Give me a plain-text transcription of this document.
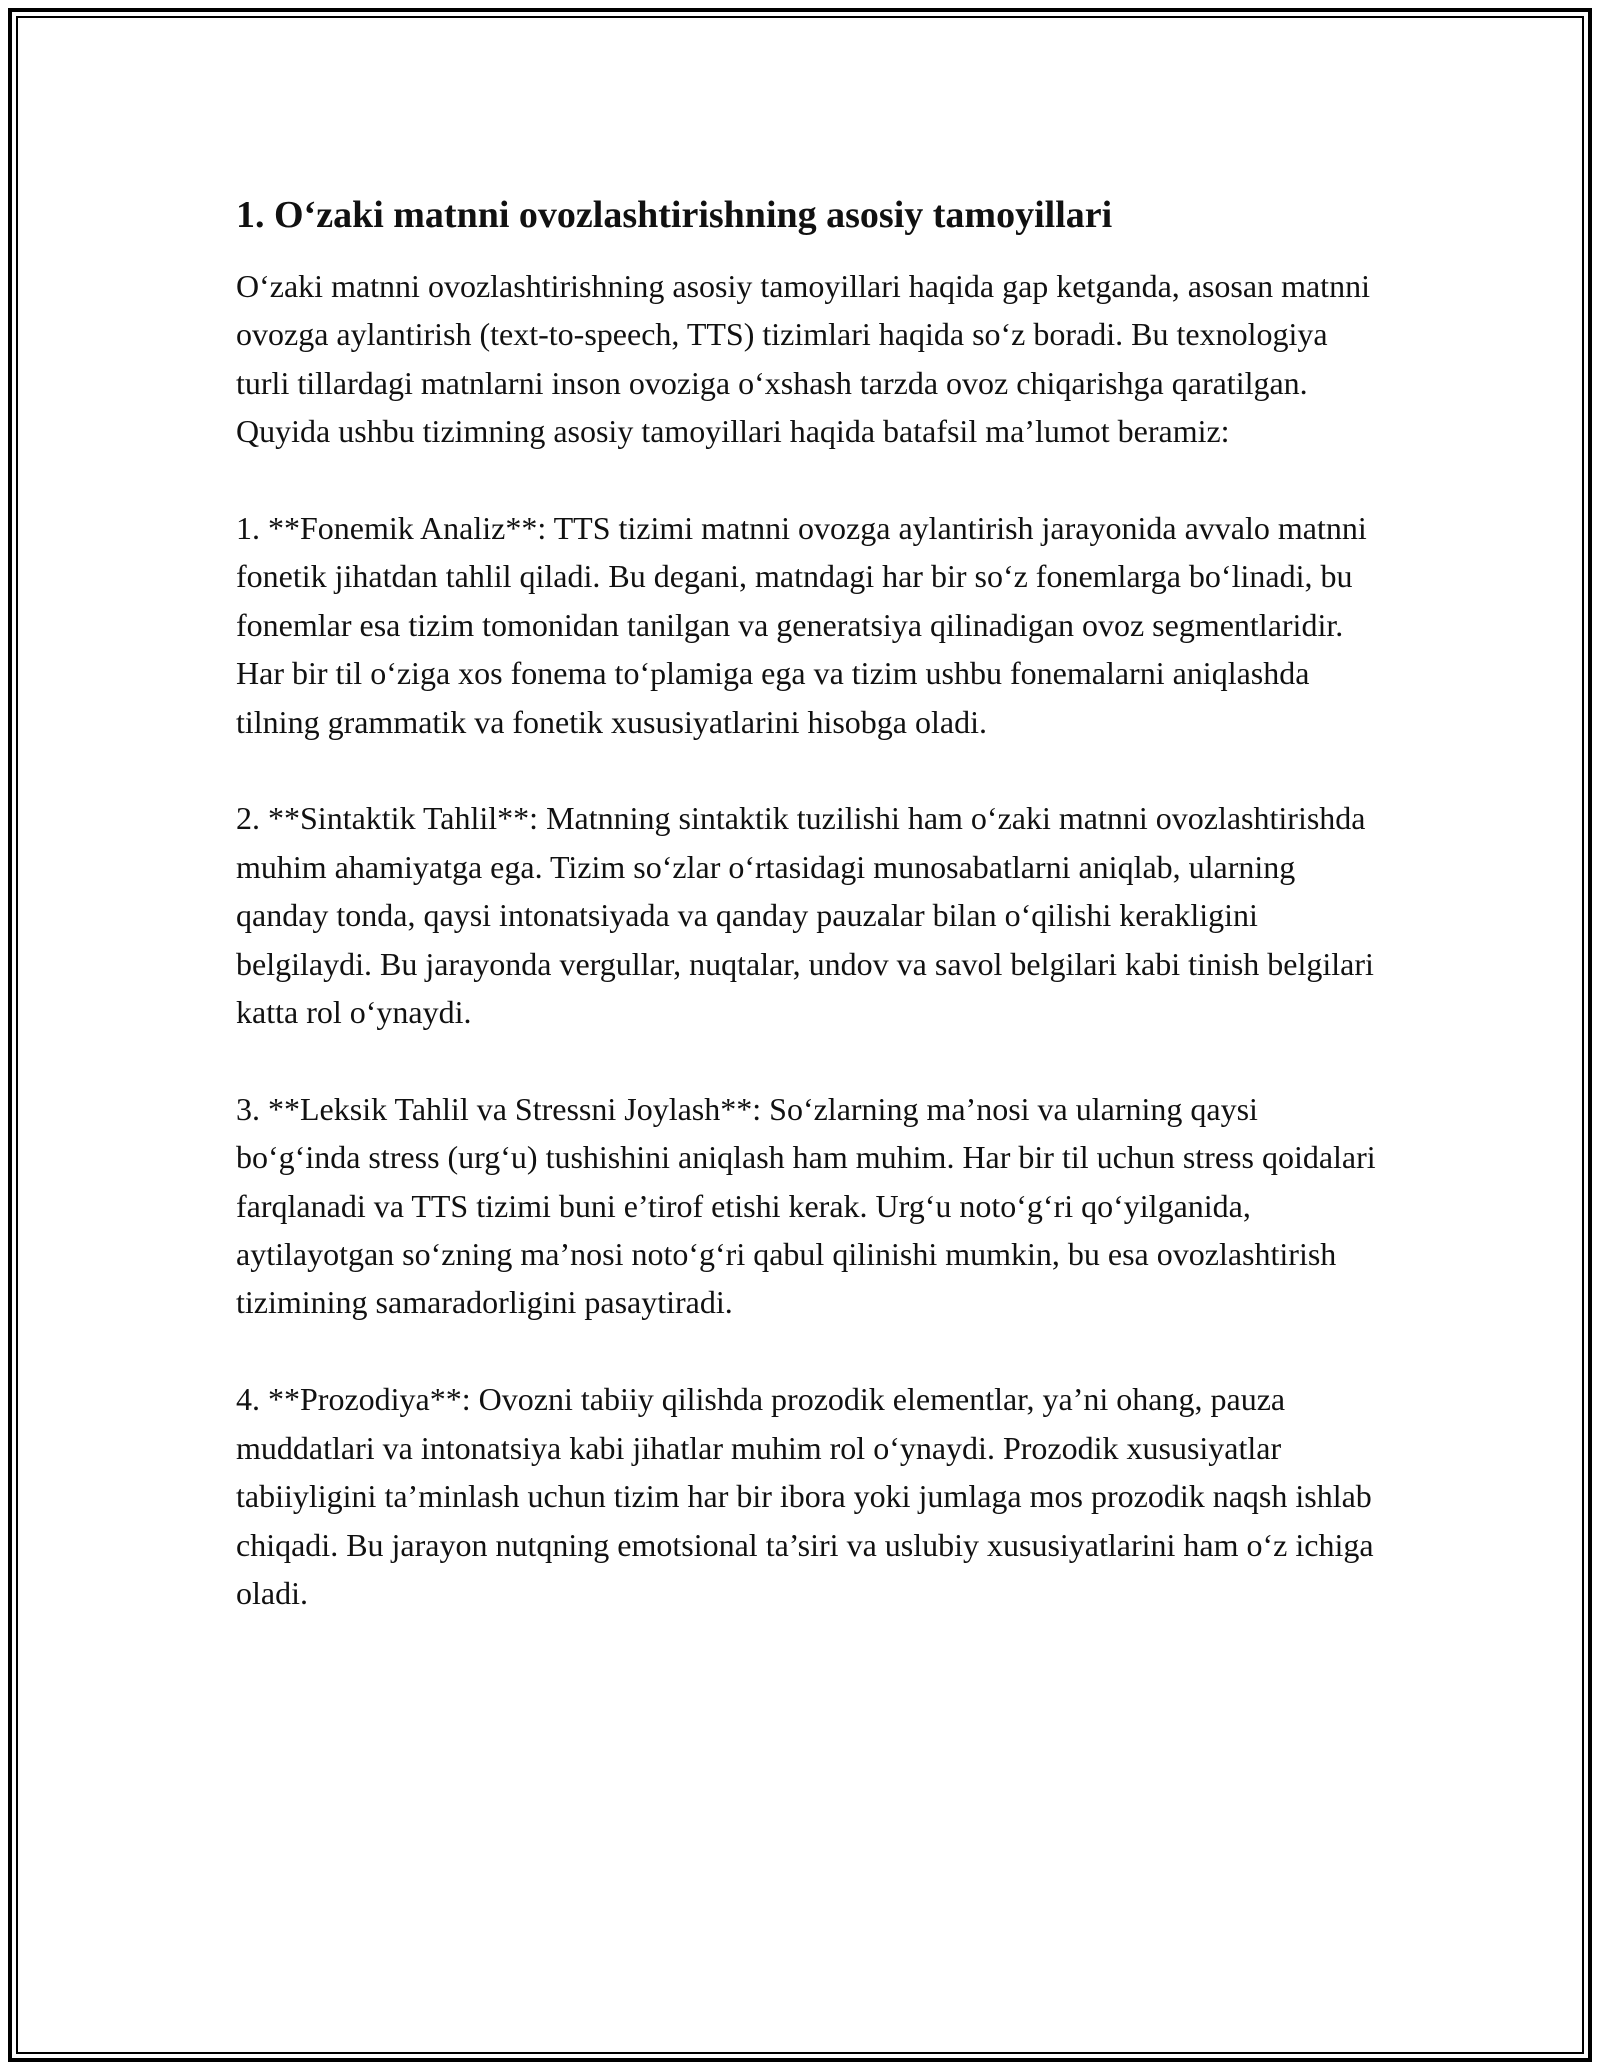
1. O‘zaki matnni ovozlashtirishning asosiy tamoyillari

O‘zaki matnni ovozlashtirishning asosiy tamoyillari haqida gap ketganda, asosan matnni ovozga aylantirish (text-to-speech, TTS) tizimlari haqida so‘z boradi. Bu texnologiya turli tillardagi matnlarni inson ovoziga o‘xshash tarzda ovoz chiqarishga qaratilgan. Quyida ushbu tizimning asosiy tamoyillari haqida batafsil ma’lumot beramiz:

1. **Fonemik Analiz**: TTS tizimi matnni ovozga aylantirish jarayonida avvalo matnni fonetik jihatdan tahlil qiladi. Bu degani, matndagi har bir so‘z fonemlarga bo‘linadi, bu fonemlar esa tizim tomonidan tanilgan va generatsiya qilinadigan ovoz segmentlaridir. Har bir til o‘ziga xos fonema to‘plamiga ega va tizim ushbu fonemalarni aniqlashda tilning grammatik va fonetik xususiyatlarini hisobga oladi.

2. **Sintaktik Tahlil**: Matnning sintaktik tuzilishi ham o‘zaki matnni ovozlashtirishda muhim ahamiyatga ega. Tizim so‘zlar o‘rtasidagi munosabatlarni aniqlab, ularning qanday tonda, qaysi intonatsiyada va qanday pauzalar bilan o‘qilishi kerakligini belgilaydi. Bu jarayonda vergullar, nuqtalar, undov va savol belgilari kabi tinish belgilari katta rol o‘ynaydi.

3. **Leksik Tahlil va Stressni Joylash**: So‘zlarning ma’nosi va ularning qaysi bo‘g‘inda stress (urg‘u) tushishini aniqlash ham muhim. Har bir til uchun stress qoidalari farqlanadi va TTS tizimi buni e’tirof etishi kerak. Urg‘u noto‘g‘ri qo‘yilganida, aytilayotgan so‘zning ma’nosi noto‘g‘ri qabul qilinishi mumkin, bu esa ovozlashtirish tizimining samaradorligini pasaytiradi.

4. **Prozodiya**: Ovozni tabiiy qilishda prozodik elementlar, ya’ni ohang, pauza muddatlari va intonatsiya kabi jihatlar muhim rol o‘ynaydi. Prozodik xususiyatlar tabiiyligini ta’minlash uchun tizim har bir ibora yoki jumlaga mos prozodik naqsh ishlab chiqadi. Bu jarayon nutqning emotsional ta’siri va uslubiy xususiyatlarini ham o‘z ichiga oladi.
